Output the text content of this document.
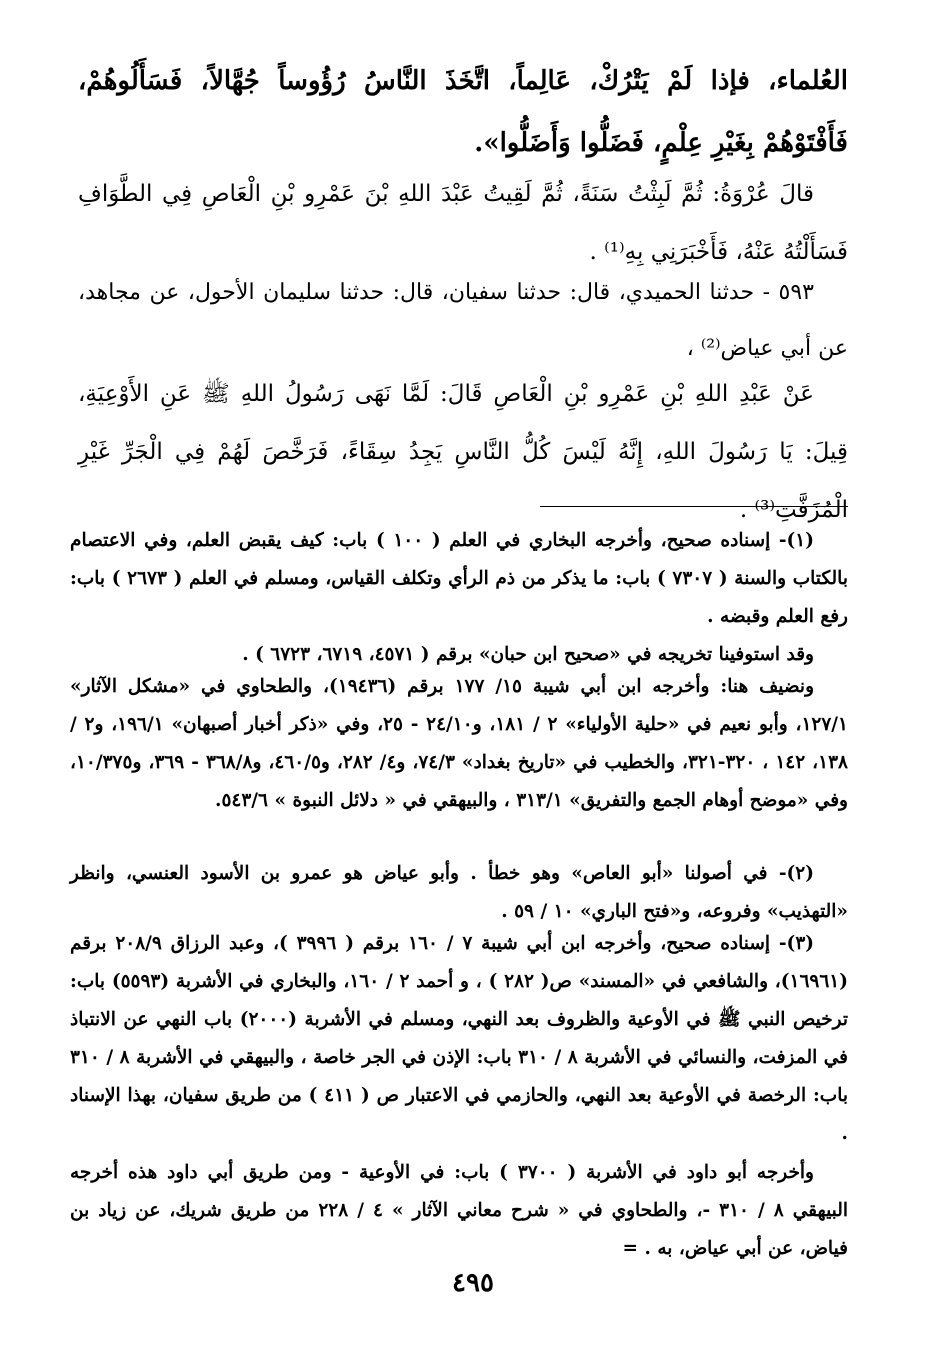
العُلماء، فإذا لَمْ يَتْرُكْ، عَالِماً، اتَّخَذَ النَّاسُ رُؤُوساً جُهَّالاً، فَسَأَلُوهُمْ، فَأَفْتَوْهُمْ بِغَيْرِ عِلْمٍ، فَضَلُّوا وَأَضَلُّوا».

قالَ عُرْوَةُ: ثُمَّ لَبِثْتُ سَنَةً، ثُمَّ لَقِيتُ عَبْدَ اللهِ بْنَ عَمْرِو بْنِ الْعَاصِ فِي الطَّوَافِ فَسَأَلْتُهُ عَنْهُ، فَأَخْبَرَنِي بِهِ⁽¹⁾ .

٥٩٣ - حدثنا الحميدي، قال: حدثنا سفيان، قال: حدثنا سليمان الأحول، عن مجاهد، عن أبي عياض⁽²⁾ ،

عَنْ عَبْدِ اللهِ بْنِ عَمْرِو بْنِ الْعَاصِ قَالَ: لَمَّا نَهَى رَسُولُ اللهِ ﷺ عَنِ الأَوْعِيَةِ، قِيلَ: يَا رَسُولَ اللهِ، إِنَّهُ لَيْسَ كُلُّ النَّاسِ يَجِدُ سِقَاءً، فَرَخَّصَ لَهُمْ فِي الْجَرِّ غَيْرِ الْمُزَفَّتِ⁽³⁾ .

(١)- إسناده صحيح، وأخرجه البخاري في العلم ( ١٠٠ ) باب: كيف يقبض العلم، وفي الاعتصام بالكتاب والسنة ( ٧٣٠٧ ) باب: ما يذكر من ذم الرأي وتكلف القياس، ومسلم في العلم ( ٢٦٧٣ ) باب: رفع العلم وقبضه .

وقد استوفينا تخريجه في «صحيح ابن حبان» برقم ( ٤٥٧١، ٦٧١٩، ٦٧٢٣ ) .

ونضيف هنا: وأخرجه ابن أبي شيبة ١٥/ ١٧٧ برقم (١٩٤٣٦)، والطحاوي في «مشكل الآثار» ١٢٧/١، وأبو نعيم في «حلية الأولياء» ٢ / ١٨١، و٢٤/١٠ - ٢٥، وفي «ذكر أخبار أصبهان» ١٩٦/١، و٢ / ١٣٨، ١٤٢ ، ٣٢٠-٣٢١، والخطيب في «تاريخ بغداد» ٧٤/٣، و٤/ ٢٨٢، و٤٦٠/٥، و٣٦٨/٨ - ٣٦٩، و١٠/٣٧٥، وفي «موضح أوهام الجمع والتفريق» ٣١٣/١ ، والبيهقي في « دلائل النبوة » ٥٤٣/٦.

(٢)- في أصولنا «أبو العاص» وهو خطأ . وأبو عياض هو عمرو بن الأسود العنسي، وانظر «التهذيب» وفروعه، و«فتح الباري» ١٠ / ٥٩ .

(٣)- إسناده صحيح، وأخرجه ابن أبي شيبة ٧ / ١٦٠ برقم ( ٣٩٩٦ )، وعبد الرزاق ٢٠٨/٩ برقم (١٦٩٦١)، والشافعي في «المسند» ص( ٢٨٢ ) ، و أحمد ٢ / ١٦٠، والبخاري في الأشربة (٥٥٩٣) باب: ترخيص النبي ﷺ في الأوعية والظروف بعد النهي، ومسلم في الأشربة (٢٠٠٠) باب النهي عن الانتباذ في المزفت، والنسائي في الأشربة ٨ / ٣١٠ باب: الإذن في الجر خاصة ، والبيهقي في الأشربة ٨ / ٣١٠ باب: الرخصة في الأوعية بعد النهي، والحازمي في الاعتبار ص ( ٤١١ ) من طريق سفيان، بهذا الإسناد .

وأخرجه أبو داود في الأشربة ( ٣٧٠٠ ) باب: في الأوعية - ومن طريق أبي داود هذه أخرجه البيهقي ٨ / ٣١٠ -، والطحاوي في « شرح معاني الآثار » ٤ / ٢٢٨ من طريق شريك، عن زياد بن فياض، عن أبي عياض، به . =

٤٩٥
